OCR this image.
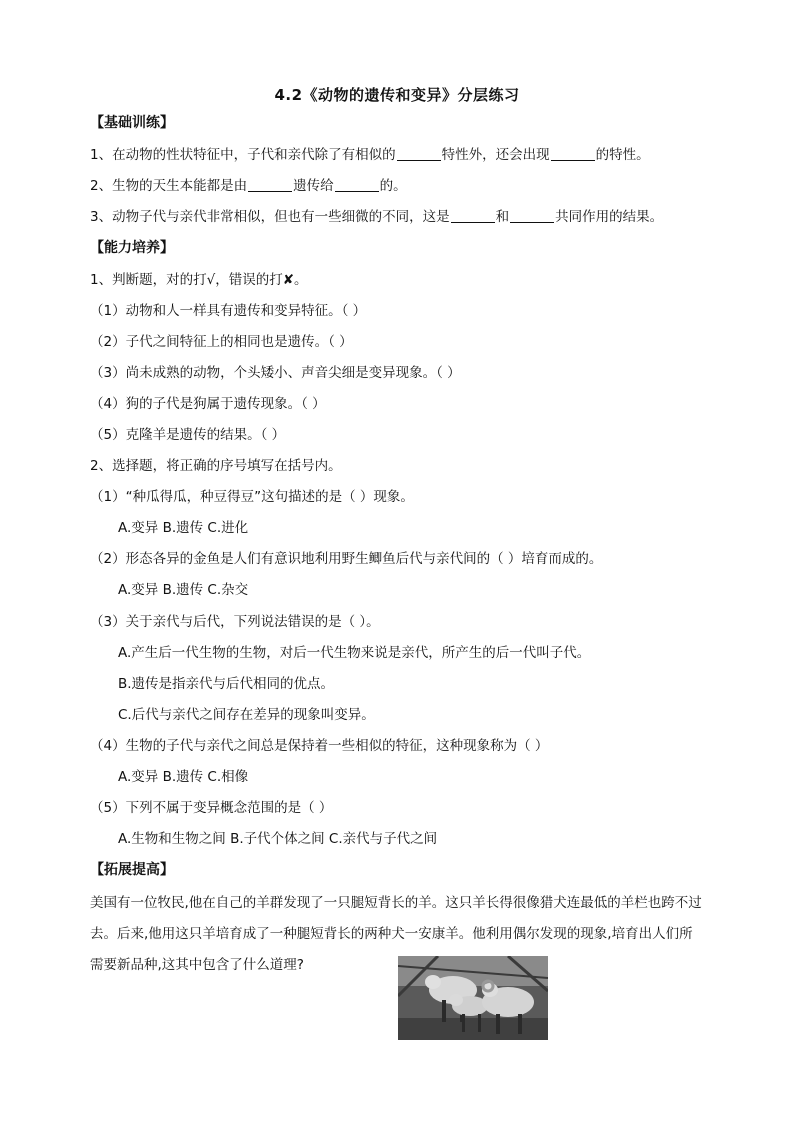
4.2《动物的遗传和变异》分层练习
【基础训练】
1、在动物的性状特征中，子代和亲代除了有相似的	特性外，还会出现	的特性。
2、生物的天生本能都是由	遗传给	的。
3、动物子代与亲代非常相似，但也有一些细微的不同，这是	和	共同作用的结果。
【能力培养】
1、判断题，对的打√，错误的打✘。
（1）动物和人一样具有遗传和变异特征。（ ）
（2）子代之间特征上的相同也是遗传。（ ）
（3）尚未成熟的动物，个头矮小、声音尖细是变异现象。（ ）
（4）狗的子代是狗属于遗传现象。（ ）
（5）克隆羊是遗传的结果。（ ）
2、选择题，将正确的序号填写在括号内。
（1）“种瓜得瓜，种豆得豆”这句描述的是（ ）现象。
A.变异 B.遗传 C.进化
（2）形态各异的金鱼是人们有意识地利用野生鲫鱼后代与亲代间的（ ）培育而成的。
A.变异 B.遗传 C.杂交
（3）关于亲代与后代，下列说法错误的是（ ）。
A.产生后一代生物的生物，对后一代生物来说是亲代，所产生的后一代叫子代。
B.遗传是指亲代与后代相同的优点。
C.后代与亲代之间存在差异的现象叫变异。
（4）生物的子代与亲代之间总是保持着一些相似的特征，这种现象称为（ ）
A.变异 B.遗传 C.相像
（5）下列不属于变异概念范围的是（ ）
A.生物和生物之间 B.子代个体之间 C.亲代与子代之间
【拓展提高】
美国有一位牧民,他在自己的羊群发现了一只腿短背长的羊。这只羊长得很像猎犬连最低的羊栏也跨不过去。后来,他用这只羊培育成了一种腿短背长的两种犬一安康羊。他利用偶尔发现的现象,培育出人们所需要新品种,这其中包含了什么道理?
